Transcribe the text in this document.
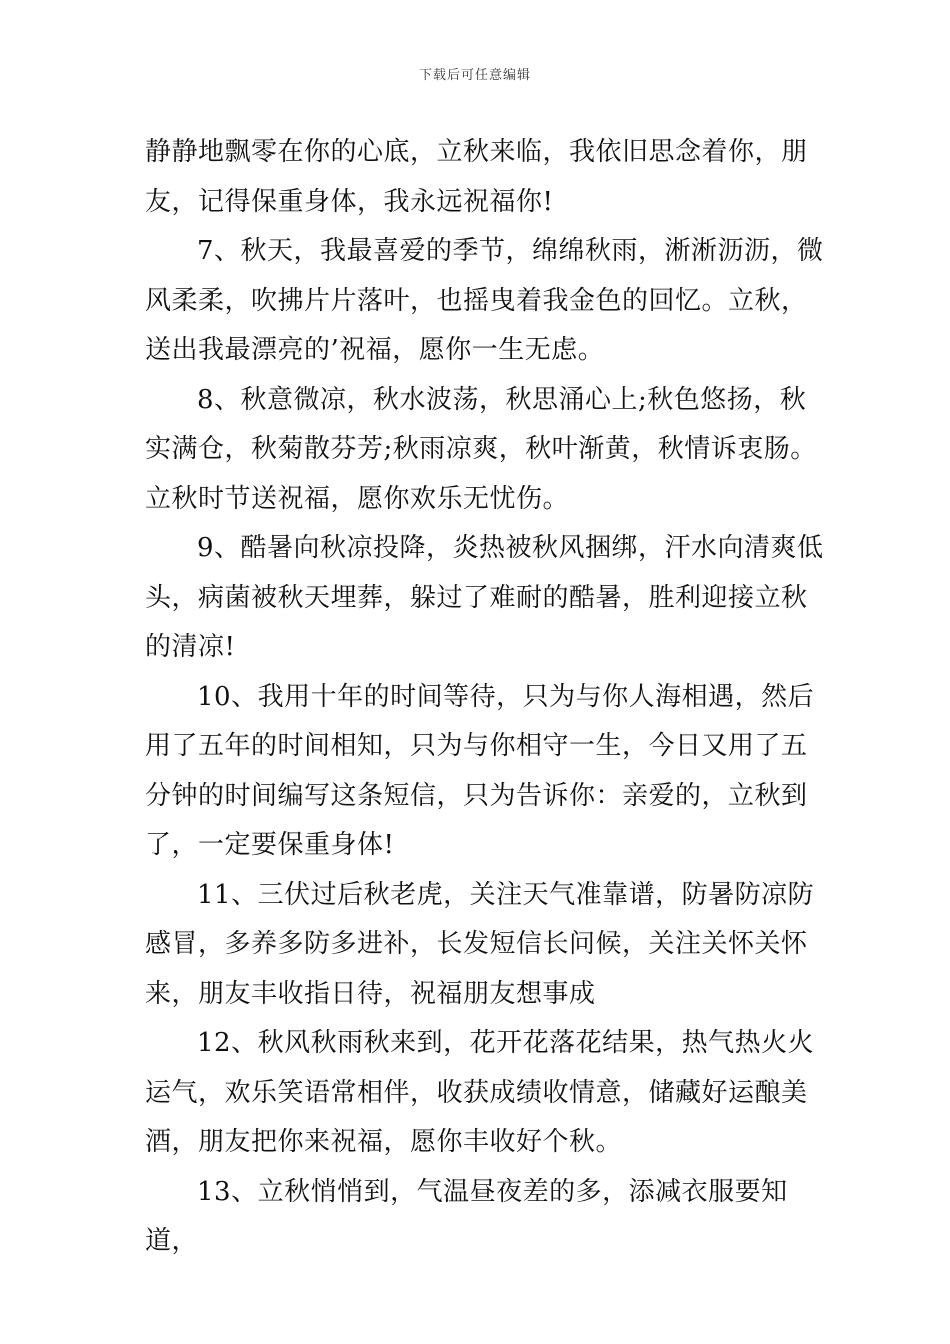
下载后可任意编辑

静静地飘零在你的心底，立秋来临，我依旧思念着你，朋友，记得保重身体，我永远祝福你!

7、秋天，我最喜爱的季节，绵绵秋雨，淅淅沥沥，微风柔柔，吹拂片片落叶，也摇曳着我金色的回忆。立秋，送出我最漂亮的’祝福，愿你一生无虑。

8、秋意微凉，秋水波荡，秋思涌心上;秋色悠扬，秋实满仓，秋菊散芬芳;秋雨凉爽，秋叶渐黄，秋情诉衷肠。立秋时节送祝福，愿你欢乐无忧伤。

9、酷暑向秋凉投降，炎热被秋风捆绑，汗水向清爽低头，病菌被秋天埋葬，躲过了难耐的酷暑，胜利迎接立秋的清凉!

10、我用十年的时间等待，只为与你人海相遇，然后用了五年的时间相知，只为与你相守一生，今日又用了五分钟的时间编写这条短信，只为告诉你：亲爱的，立秋到了，一定要保重身体!

11、三伏过后秋老虎，关注天气准靠谱，防暑防凉防感冒，多养多防多进补，长发短信长问候，关注关怀关怀来，朋友丰收指日待，祝福朋友想事成

12、秋风秋雨秋来到，花开花落花结果，热气热火火运气，欢乐笑语常相伴，收获成绩收情意，储藏好运酿美酒，朋友把你来祝福，愿你丰收好个秋。

13、立秋悄悄到，气温昼夜差的多，添减衣服要知道，
